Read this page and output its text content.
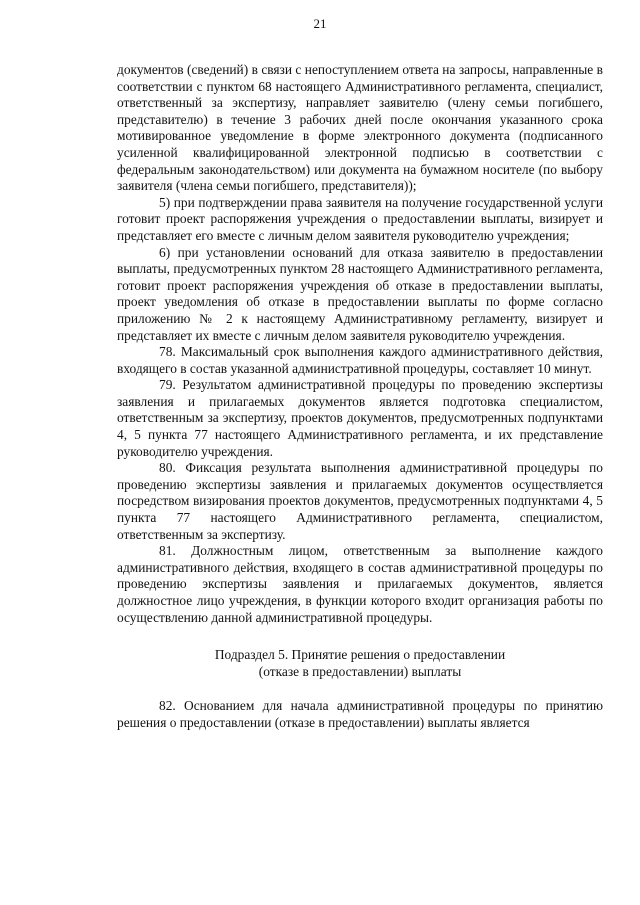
21

документов (сведений) в связи с непоступлением ответа на запросы, направленные в соответствии с пунктом 68 настоящего Административного регламента, специалист, ответственный за экспертизу, направляет заявителю (члену семьи погибшего, представителю) в течение 3 рабочих дней после окончания указанного срока мотивированное уведомление в форме электронного документа (подписанного усиленной квалифицированной электронной подписью в соответствии с федеральным законодательством) или документа на бумажном носителе (по выбору заявителя (члена семьи погибшего, представителя));

5) при подтверждении права заявителя на получение государственной услуги готовит проект распоряжения учреждения о предоставлении выплаты, визирует и представляет его вместе с личным делом заявителя руководителю учреждения;

6) при установлении оснований для отказа заявителю в предоставлении выплаты, предусмотренных пунктом 28 настоящего Административного регламента, готовит проект распоряжения учреждения об отказе в предоставлении выплаты, проект уведомления об отказе в предоставлении выплаты по форме согласно приложению № 2 к настоящему Административному регламенту, визирует и представляет их вместе с личным делом заявителя руководителю учреждения.

78. Максимальный срок выполнения каждого административного действия, входящего в состав указанной административной процедуры, составляет 10 минут.

79. Результатом административной процедуры по проведению экспертизы заявления и прилагаемых документов является подготовка специалистом, ответственным за экспертизу, проектов документов, предусмотренных подпунктами 4, 5 пункта 77 настоящего Административного регламента, и их представление руководителю учреждения.

80. Фиксация результата выполнения административной процедуры по проведению экспертизы заявления и прилагаемых документов осуществляется посредством визирования проектов документов, предусмотренных подпунктами 4, 5 пункта 77 настоящего Административного регламента, специалистом, ответственным за экспертизу.

81. Должностным лицом, ответственным за выполнение каждого административного действия, входящего в состав административной процедуры по проведению экспертизы заявления и прилагаемых документов, является должностное лицо учреждения, в функции которого входит организация работы по осуществлению данной административной процедуры.

Подраздел 5. Принятие решения о предоставлении
(отказе в предоставлении) выплаты

82. Основанием для начала административной процедуры по принятию решения о предоставлении (отказе в предоставлении) выплаты является
